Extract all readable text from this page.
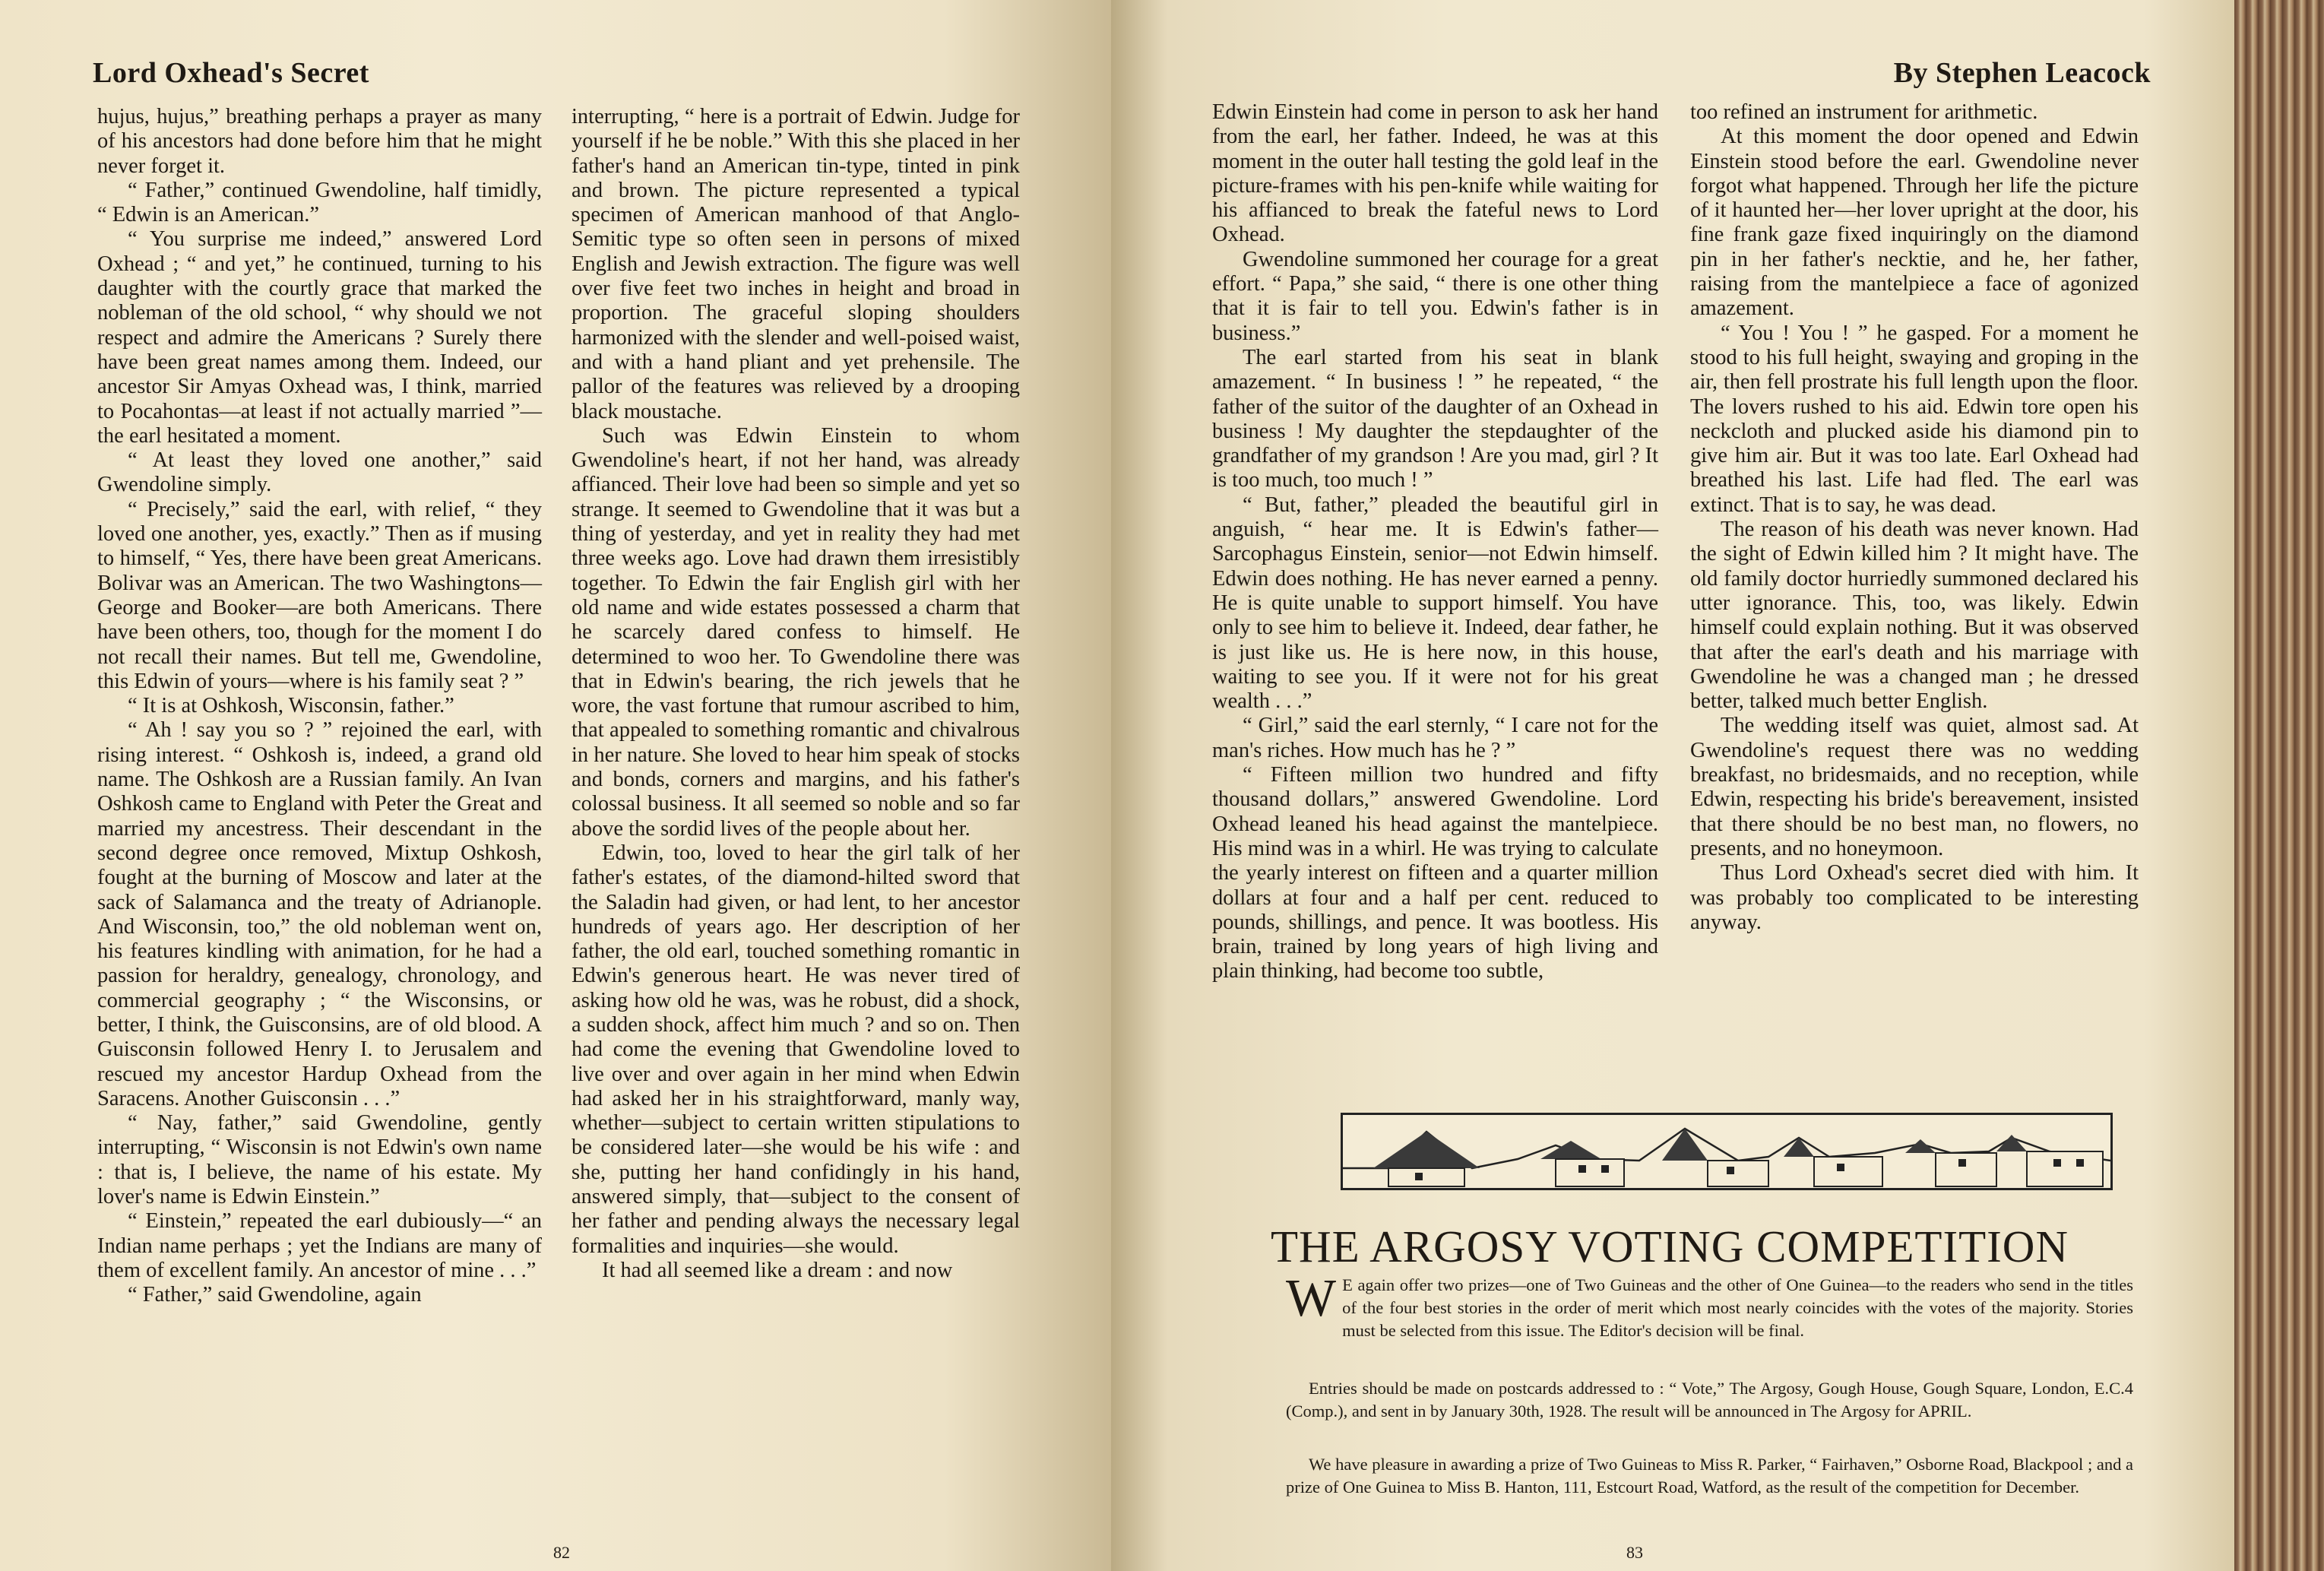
Lord Oxhead's Secret

hujus, hujus,” breathing perhaps a prayer as many of his ancestors had done before him that he might never forget it.

“ Father,” continued Gwendoline, half timidly, “ Edwin is an American.”

“ You surprise me indeed,” answered Lord Oxhead ; “ and yet,” he continued, turning to his daughter with the courtly grace that marked the nobleman of the old school, “ why should we not respect and admire the Americans ? Surely there have been great names among them. Indeed, our ancestor Sir Amyas Oxhead was, I think, married to Pocahontas—at least if not actually married ”—the earl hesitated a moment.

“ At least they loved one another,” said Gwendoline simply.

“ Precisely,” said the earl, with relief, “ they loved one another, yes, exactly.” Then as if musing to himself, “ Yes, there have been great Americans. Bolivar was an American. The two Washingtons—George and Booker—are both Americans. There have been others, too, though for the moment I do not recall their names. But tell me, Gwendoline, this Edwin of yours—where is his family seat ? ”

“ It is at Oshkosh, Wisconsin, father.”

“ Ah ! say you so ? ” rejoined the earl, with rising interest. “ Oshkosh is, indeed, a grand old name. The Oshkosh are a Russian family. An Ivan Oshkosh came to England with Peter the Great and married my ancestress. Their descendant in the second degree once removed, Mixtup Oshkosh, fought at the burning of Moscow and later at the sack of Salamanca and the treaty of Adrianople. And Wisconsin, too,” the old nobleman went on, his features kindling with animation, for he had a passion for heraldry, genealogy, chronology, and commercial geography ; “ the Wisconsins, or better, I think, the Guisconsins, are of old blood. A Guisconsin followed Henry I. to Jerusalem and rescued my ancestor Hardup Oxhead from the Saracens. Another Guisconsin . . .”

“ Nay, father,” said Gwendoline, gently interrupting, “ Wisconsin is not Edwin's own name : that is, I believe, the name of his estate. My lover's name is Edwin Einstein.”

“ Einstein,” repeated the earl dubiously—“ an Indian name perhaps ; yet the Indians are many of them of excellent family. An ancestor of mine . . .”

“ Father,” said Gwendoline, again

interrupting, “ here is a portrait of Edwin. Judge for yourself if he be noble.” With this she placed in her father's hand an American tin-type, tinted in pink and brown. The picture represented a typical specimen of American manhood of that Anglo-Semitic type so often seen in persons of mixed English and Jewish extraction. The figure was well over five feet two inches in height and broad in proportion. The graceful sloping shoulders harmonized with the slender and well-poised waist, and with a hand pliant and yet prehensile. The pallor of the features was relieved by a drooping black moustache.

Such was Edwin Einstein to whom Gwendoline's heart, if not her hand, was already affianced. Their love had been so simple and yet so strange. It seemed to Gwendoline that it was but a thing of yesterday, and yet in reality they had met three weeks ago. Love had drawn them irresistibly together. To Edwin the fair English girl with her old name and wide estates possessed a charm that he scarcely dared confess to himself. He determined to woo her. To Gwendoline there was that in Edwin's bearing, the rich jewels that he wore, the vast fortune that rumour ascribed to him, that appealed to something romantic and chivalrous in her nature. She loved to hear him speak of stocks and bonds, corners and margins, and his father's colossal business. It all seemed so noble and so far above the sordid lives of the people about her.

Edwin, too, loved to hear the girl talk of her father's estates, of the diamond-hilted sword that the Saladin had given, or had lent, to her ancestor hundreds of years ago. Her description of her father, the old earl, touched something romantic in Edwin's generous heart. He was never tired of asking how old he was, was he robust, did a shock, a sudden shock, affect him much ? and so on. Then had come the evening that Gwendoline loved to live over and over again in her mind when Edwin had asked her in his straightforward, manly way, whether—subject to certain written stipulations to be considered later—she would be his wife : and she, putting her hand confidingly in his hand, answered simply, that—subject to the consent of her father and pending always the necessary legal formalities and inquiries—she would.

It had all seemed like a dream : and now

82
By Stephen Leacock

Edwin Einstein had come in person to ask her hand from the earl, her father. Indeed, he was at this moment in the outer hall testing the gold leaf in the picture-frames with his pen-knife while waiting for his affianced to break the fateful news to Lord Oxhead.

Gwendoline summoned her courage for a great effort. “ Papa,” she said, “ there is one other thing that it is fair to tell you. Edwin's father is in business.”

The earl started from his seat in blank amazement. “ In business ! ” he repeated, “ the father of the suitor of the daughter of an Oxhead in business ! My daughter the stepdaughter of the grandfather of my grandson ! Are you mad, girl ? It is too much, too much ! ”

“ But, father,” pleaded the beautiful girl in anguish, “ hear me. It is Edwin's father—Sarcophagus Einstein, senior—not Edwin himself. Edwin does nothing. He has never earned a penny. He is quite unable to support himself. You have only to see him to believe it. Indeed, dear father, he is just like us. He is here now, in this house, waiting to see you. If it were not for his great wealth . . .”

“ Girl,” said the earl sternly, “ I care not for the man's riches. How much has he ? ”

“ Fifteen million two hundred and fifty thousand dollars,” answered Gwendoline. Lord Oxhead leaned his head against the mantelpiece. His mind was in a whirl. He was trying to calculate the yearly interest on fifteen and a quarter million dollars at four and a half per cent. reduced to pounds, shillings, and pence. It was bootless. His brain, trained by long years of high living and plain thinking, had become too subtle,

too refined an instrument for arithmetic.

At this moment the door opened and Edwin Einstein stood before the earl. Gwendoline never forgot what happened. Through her life the picture of it haunted her—her lover upright at the door, his fine frank gaze fixed inquiringly on the diamond pin in her father's necktie, and he, her father, raising from the mantelpiece a face of agonized amazement.

“ You ! You ! ” he gasped. For a moment he stood to his full height, swaying and groping in the air, then fell prostrate his full length upon the floor. The lovers rushed to his aid. Edwin tore open his neckcloth and plucked aside his diamond pin to give him air. But it was too late. Earl Oxhead had breathed his last. Life had fled. The earl was extinct. That is to say, he was dead.

The reason of his death was never known. Had the sight of Edwin killed him ? It might have. The old family doctor hurriedly summoned declared his utter ignorance. This, too, was likely. Edwin himself could explain nothing. But it was observed that after the earl's death and his marriage with Gwendoline he was a changed man ; he dressed better, talked much better English.

The wedding itself was quiet, almost sad. At Gwendoline's request there was no wedding breakfast, no bridesmaids, and no reception, while Edwin, respecting his bride's bereavement, insisted that there should be no best man, no flowers, no presents, and no honeymoon.

Thus Lord Oxhead's secret died with him. It was probably too complicated to be interesting anyway.

THE ARGOSY VOTING COMPETITION
W E again offer two prizes—one of Two Guineas and the other of One Guinea—to the readers who send in the titles of the four best stories in the order of merit which most nearly coincides with the votes of the majority. Stories must be selected from this issue. The Editor's decision will be final.
Entries should be made on postcards addressed to : “ Vote,” The Argosy, Gough House, Gough Square, London, E.C.4 (Comp.), and sent in by January 30th, 1928. The result will be announced in The Argosy for APRIL.
We have pleasure in awarding a prize of Two Guineas to Miss R. Parker, “ Fairhaven,” Osborne Road, Blackpool ; and a prize of One Guinea to Miss B. Hanton, 111, Estcourt Road, Watford, as the result of the competition for December.
83
